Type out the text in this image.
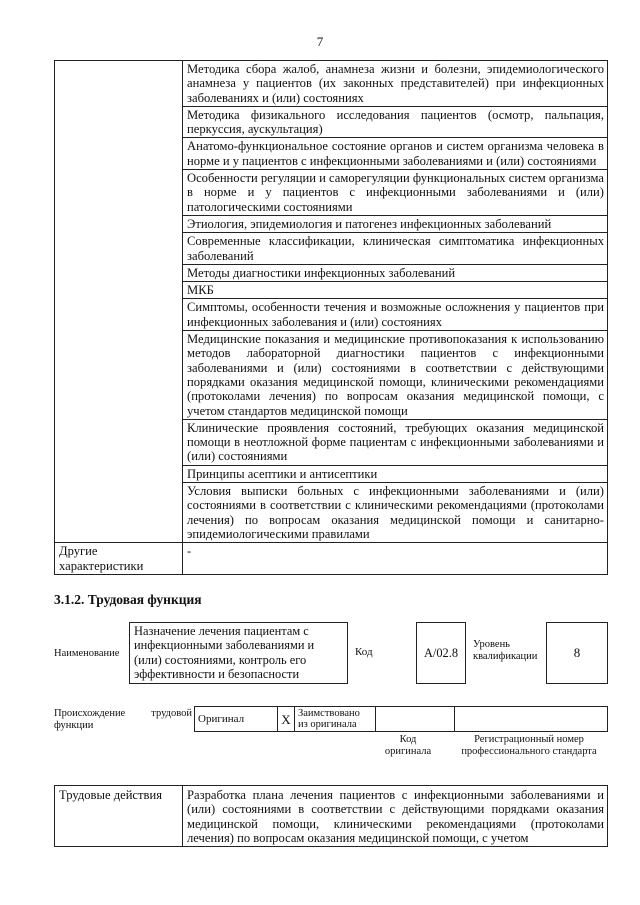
7
	Методика сбора жалоб, анамнеза жизни и болезни, эпидемиологического анамнеза у пациентов (их законных представителей) при инфекционных заболеваниях и (или) состояниях
	Методика физикального исследования пациентов (осмотр, пальпация, перкуссия, аускультация)
	Анатомо-функциональное состояние органов и систем организма человека в норме и у пациентов с инфекционными заболеваниями и (или) состояниями
	Особенности регуляции и саморегуляции функциональных систем организма в норме и у пациентов с инфекционными заболеваниями и (или) патологическими состояниями
	Этиология, эпидемиология и патогенез инфекционных заболеваний
	Современные классификации, клиническая симптоматика инфекционных заболеваний
	Методы диагностики инфекционных заболеваний
	МКБ
	Симптомы, особенности течения и возможные осложнения у пациентов при инфекционных заболевания и (или) состояниях
	Медицинские показания и медицинские противопоказания к использованию методов лабораторной диагностики пациентов с инфекционными заболеваниями и (или) состояниями в соответствии с действующими порядками оказания медицинской помощи, клиническими рекомендациями (протоколами лечения) по вопросам оказания медицинской помощи, с учетом стандартов медицинской помощи
	Клинические проявления состояний, требующих оказания медицинской помощи в неотложной форме пациентам с инфекционными заболеваниями и (или) состояниями
	Принципы асептики и антисептики
	Условия выписки больных с инфекционными заболеваниями и (или) состояниями в соответствии с клиническими рекомендациями (протоколами лечения) по вопросам оказания медицинской помощи и санитарно-эпидемиологическими правилами
Другие характеристики	-
3.1.2. Трудовая функция
Наименование
Назначение лечения пациентам с инфекционными заболеваниями и (или) состояниями, контроль его эффективности и безопасности
Код	A/02.8
Уровень квалификации	8
Происхождение трудовой функции
Оригинал	X	Заимствовано из оригинала		
Код оригинала
Регистрационный номер профессионального стандарта
Трудовые действия	Разработка плана лечения пациентов с инфекционными заболеваниями и (или) состояниями в соответствии с действующими порядками оказания медицинской помощи, клиническими рекомендациями (протоколами лечения) по вопросам оказания медицинской помощи, с учетом
